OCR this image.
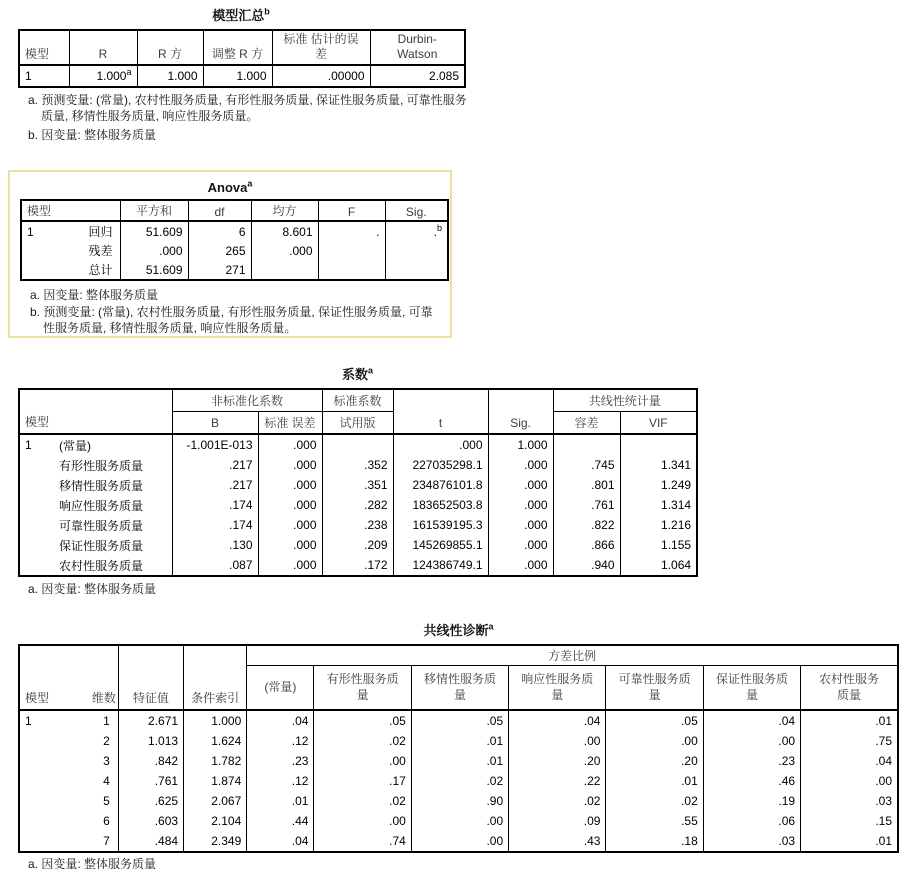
模型汇总$^b$
模型	R	R 方	调整 R 方	标准 估计的误差	Durbin-Watson
1	1.000$^a$	1.000	1.000	.00000	2.085
a. 预测变量: (常量), 农村性服务质量, 有形性服务质量, 保证性服务质量, 可靠性服务质量, 移情性服务质量, 响应性服务质量。
b. 因变量: 整体服务质量
Anova$^a$
模型		平方和	df	均方	F	Sig.
1	回归	51.609	6	8.601	.	.$^b$
	残差	.000	265	.000		
	总计	51.609	271			
a. 因变量: 整体服务质量
b. 预测变量: (常量), 农村性服务质量, 有形性服务质量, 保证性服务质量, 可靠性服务质量, 移情性服务质量, 响应性服务质量。
系数$^a$
模型		非标准化系数		标准系数	t	Sig.	共线性统计量	
		B	标准 误差	试用版			容差	VIF
1	(常量)	-1.001E-013	.000		.000	1.000		
	有形性服务质量	.217	.000	.352	227035298.1	.000	.745	1.341
	移情性服务质量	.217	.000	.351	234876101.8	.000	.801	1.249
	响应性服务质量	.174	.000	.282	183652503.8	.000	.761	1.314
	可靠性服务质量	.174	.000	.238	161539195.3	.000	.822	1.216
	保证性服务质量	.130	.000	.209	145269855.1	.000	.866	1.155
	农村性服务质量	.087	.000	.172	124386749.1	.000	.940	1.064
a. 因变量: 整体服务质量
共线性诊断$^a$
模型	维数	特征值	条件索引	方差比例						
				(常量)	有形性服务质量	移情性服务质量	响应性服务质量	可靠性服务质量	保证性服务质量	农村性服务质量
1	1	2.671	1.000	.04	.05	.05	.04	.05	.04	.01
	2	1.013	1.624	.12	.02	.01	.00	.00	.00	.75
	3	.842	1.782	.23	.00	.01	.20	.20	.23	.04
	4	.761	1.874	.12	.17	.02	.22	.01	.46	.00
	5	.625	2.067	.01	.02	.90	.02	.02	.19	.03
	6	.603	2.104	.44	.00	.00	.09	.55	.06	.15
	7	.484	2.349	.04	.74	.00	.43	.18	.03	.01
a. 因变量: 整体服务质量
